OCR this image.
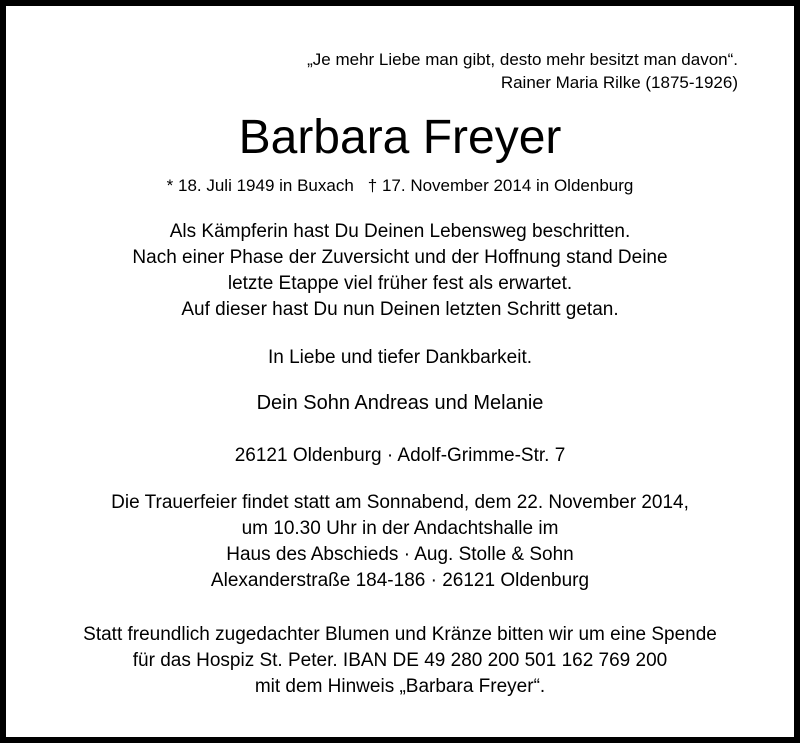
„Je mehr Liebe man gibt, desto mehr besitzt man davon“.
Rainer Maria Rilke (1875-1926)
Barbara Freyer
* 18. Juli 1949 in Buxach † 17. November 2014 in Oldenburg
Als Kämpferin hast Du Deinen Lebensweg beschritten.
Nach einer Phase der Zuversicht und der Hoffnung stand Deine
letzte Etappe viel früher fest als erwartet.
Auf dieser hast Du nun Deinen letzten Schritt getan.
In Liebe und tiefer Dankbarkeit.
Dein Sohn Andreas und Melanie
26121 Oldenburg · Adolf-Grimme-Str. 7
Die Trauerfeier findet statt am Sonnabend, dem 22. November 2014,
um 10.30 Uhr in der Andachtshalle im
Haus des Abschieds · Aug. Stolle & Sohn
Alexanderstraße 184-186 · 26121 Oldenburg
Statt freundlich zugedachter Blumen und Kränze bitten wir um eine Spende
für das Hospiz St. Peter. IBAN DE 49 280 200 501 162 769 200
mit dem Hinweis „Barbara Freyer“.
